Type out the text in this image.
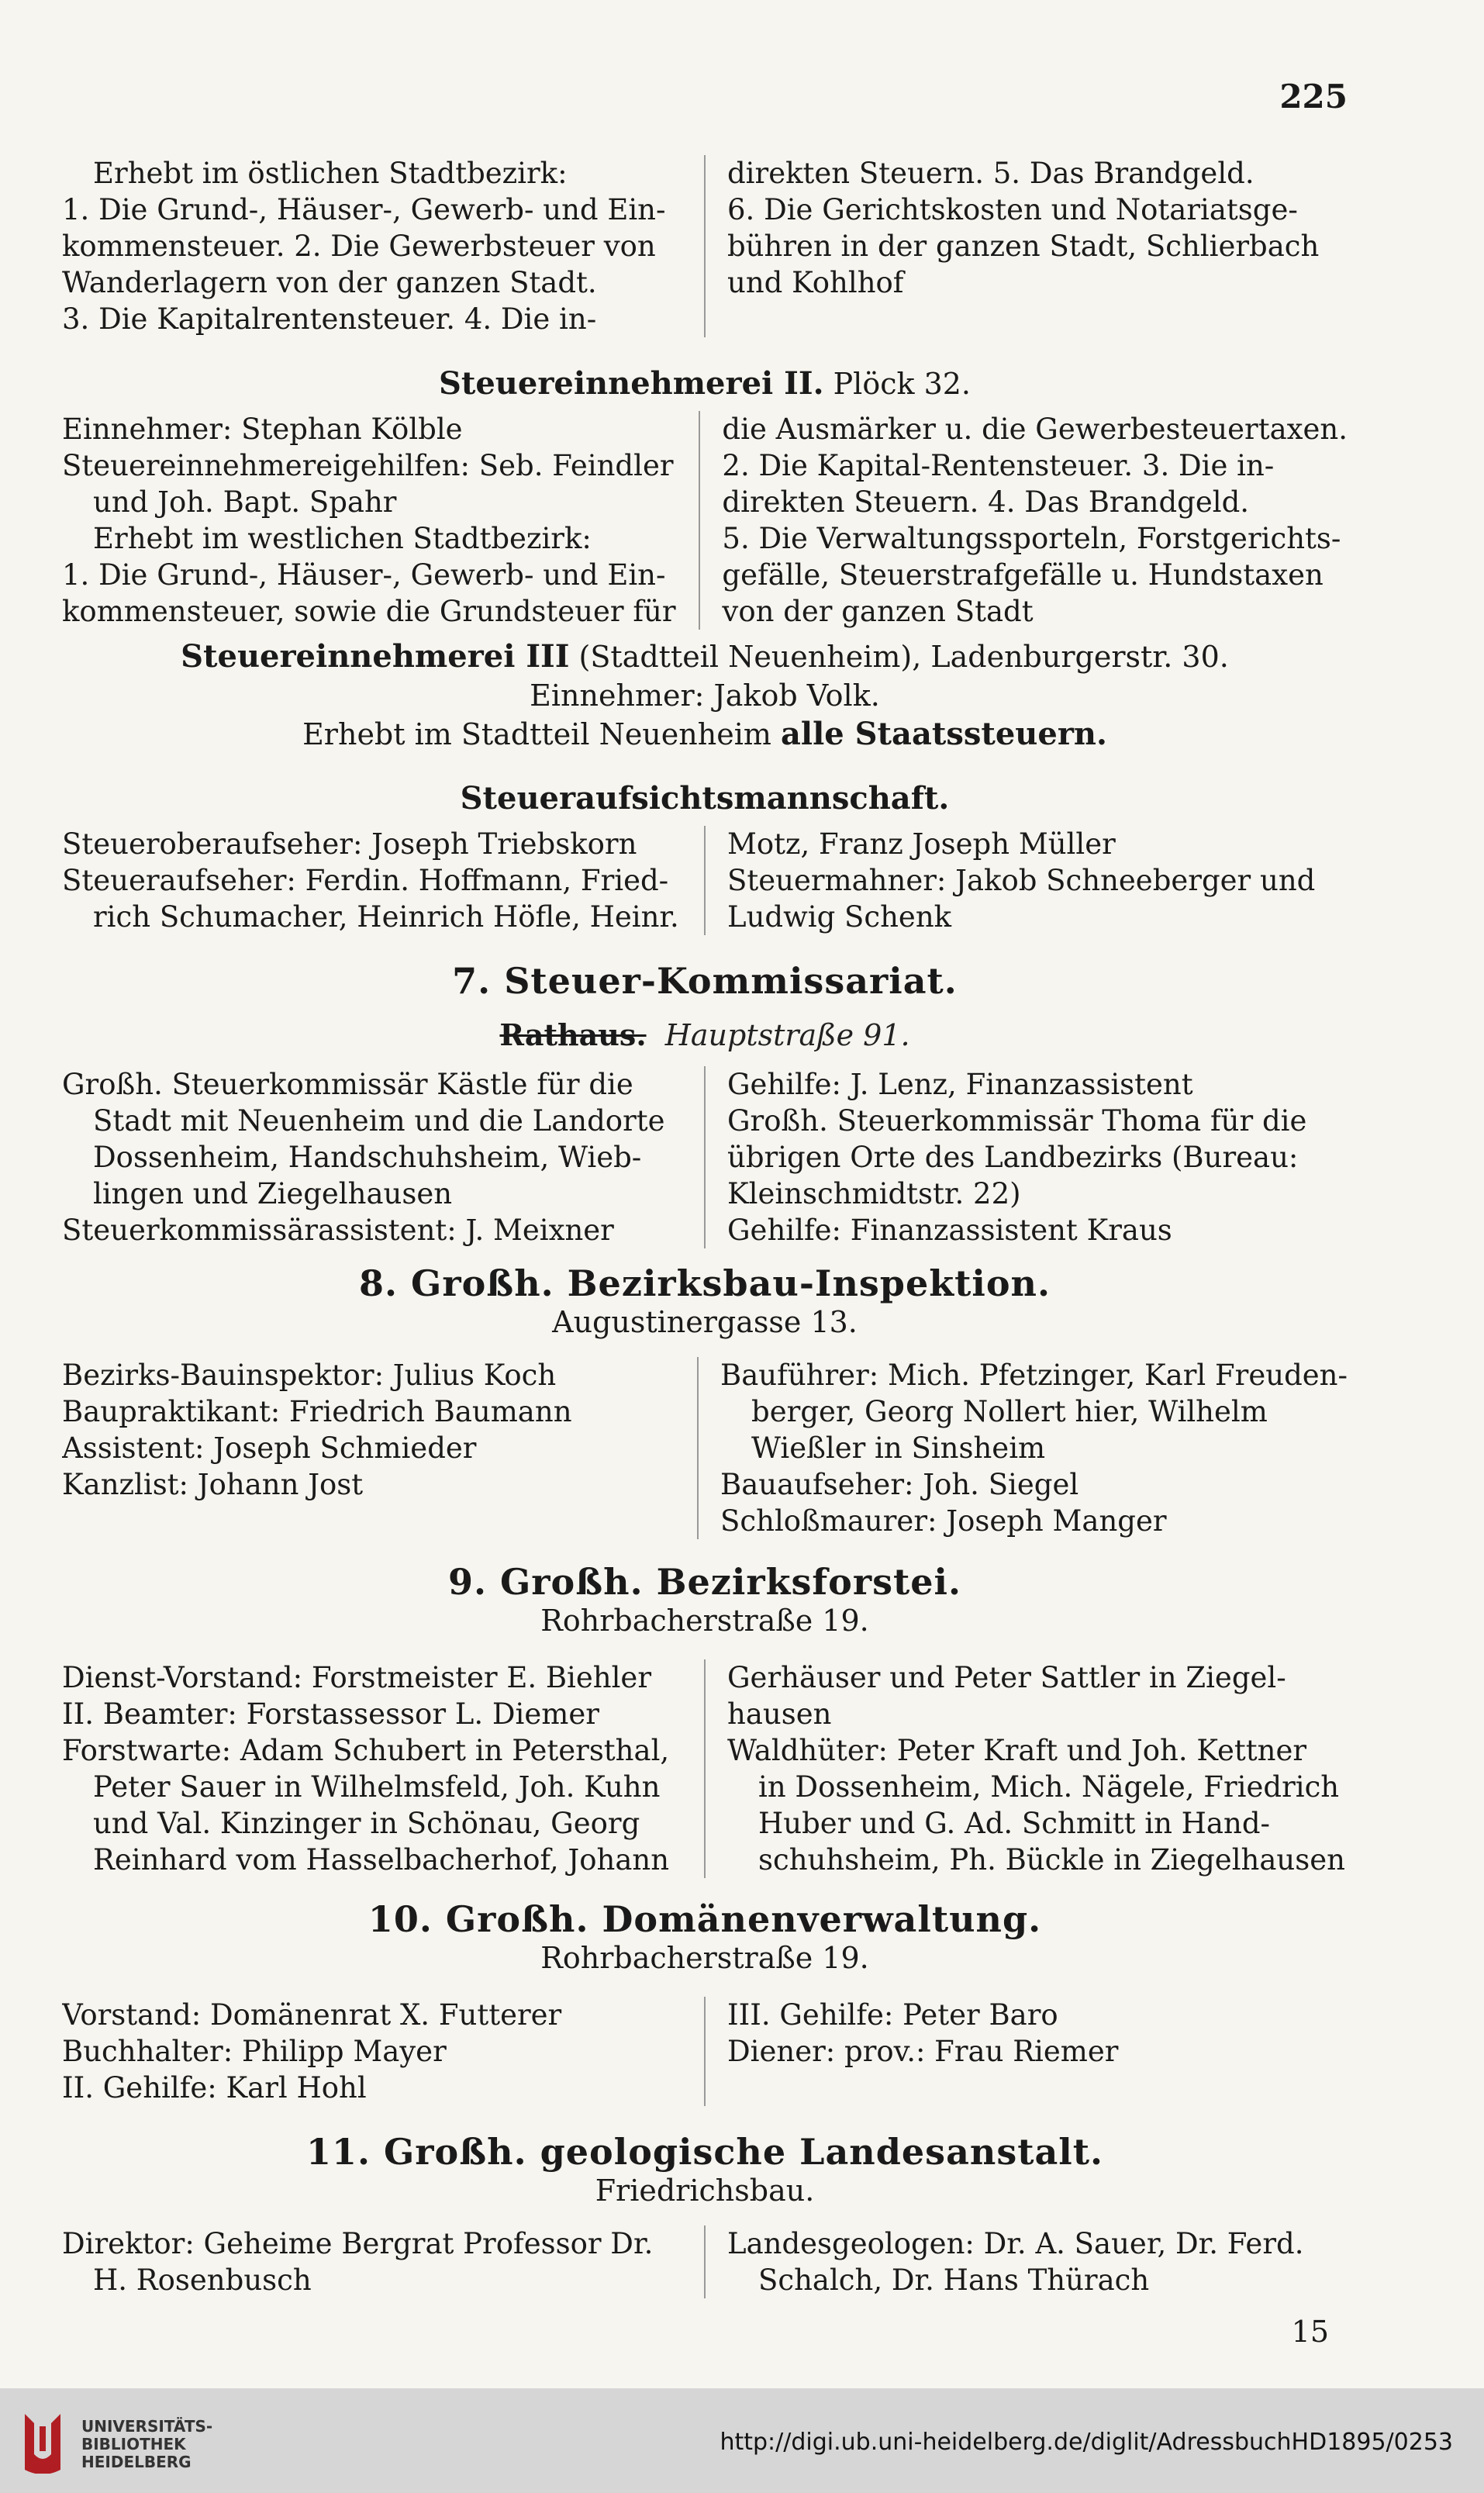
225
Erhebt im östlichen Stadtbezirk:
1. Die Grund-, Häuser-, Gewerb- und Ein-
kommensteuer. 2. Die Gewerbsteuer von
Wanderlagern von der ganzen Stadt.
3. Die Kapitalrentensteuer. 4. Die in-
direkten Steuern. 5. Das Brandgeld.
6. Die Gerichtskosten und Notariatsge-
bühren in der ganzen Stadt, Schlierbach
und Kohlhof
Steuereinnehmerei II. Plöck 32.
Einnehmer: Stephan Kölble
Steuereinnehmereigehilfen: Seb. Feindler
und Joh. Bapt. Spahr
Erhebt im westlichen Stadtbezirk:
1. Die Grund-, Häuser-, Gewerb- und Ein-
kommensteuer, sowie die Grundsteuer für
die Ausmärker u. die Gewerbesteuertaxen.
2. Die Kapital-Rentensteuer. 3. Die in-
direkten Steuern. 4. Das Brandgeld.
5. Die Verwaltungssporteln, Forstgerichts-
gefälle, Steuerstrafgefälle u. Hundstaxen
von der ganzen Stadt
Steuereinnehmerei III (Stadtteil Neuenheim), Ladenburgerstr. 30.
Einnehmer: Jakob Volk.
Erhebt im Stadtteil Neuenheim alle Staatssteuern.
Steueraufsichtsmannschaft.
Steueroberaufseher: Joseph Triebskorn
Steueraufseher: Ferdin. Hoffmann, Fried-
rich Schumacher, Heinrich Höfle, Heinr.
Motz, Franz Joseph Müller
Steuermahner: Jakob Schneeberger und
Ludwig Schenk
7. Steuer-Kommissariat.
Rathaus. Hauptstraße 91.
Großh. Steuerkommissär Kästle für die
Stadt mit Neuenheim und die Landorte
Dossenheim, Handschuhsheim, Wieb-
lingen und Ziegelhausen
Steuerkommissärassistent: J. Meixner
Gehilfe: J. Lenz, Finanzassistent
Großh. Steuerkommissär Thoma für die
übrigen Orte des Landbezirks (Bureau:
Kleinschmidtstr. 22)
Gehilfe: Finanzassistent Kraus
8. Großh. Bezirksbau-Inspektion.
Augustinergasse 13.
Bezirks-Bauinspektor: Julius Koch
Baupraktikant: Friedrich Baumann
Assistent: Joseph Schmieder
Kanzlist: Johann Jost
Bauführer: Mich. Pfetzinger, Karl Freuden-
berger, Georg Nollert hier, Wilhelm
Wießler in Sinsheim
Bauaufseher: Joh. Siegel
Schloßmaurer: Joseph Manger
9. Großh. Bezirksforstei.
Rohrbacherstraße 19.
Dienst-Vorstand: Forstmeister E. Biehler
II. Beamter: Forstassessor L. Diemer
Forstwarte: Adam Schubert in Petersthal,
Peter Sauer in Wilhelmsfeld, Joh. Kuhn
und Val. Kinzinger in Schönau, Georg
Reinhard vom Hasselbacherhof, Johann
Gerhäuser und Peter Sattler in Ziegel-
hausen
Waldhüter: Peter Kraft und Joh. Kettner
in Dossenheim, Mich. Nägele, Friedrich
Huber und G. Ad. Schmitt in Hand-
schuhsheim, Ph. Bückle in Ziegelhausen
10. Großh. Domänenverwaltung.
Rohrbacherstraße 19.
Vorstand: Domänenrat X. Futterer
Buchhalter: Philipp Mayer
II. Gehilfe: Karl Hohl
III. Gehilfe: Peter Baro
Diener: prov.: Frau Riemer
11. Großh. geologische Landesanstalt.
Friedrichsbau.
Direktor: Geheime Bergrat Professor Dr.
H. Rosenbusch
Landesgeologen: Dr. A. Sauer, Dr. Ferd.
Schalch, Dr. Hans Thürach
15
UNIVERSITÄTS-
BIBLIOTHEK
HEIDELBERG
http://digi.ub.uni-heidelberg.de/diglit/AdressbuchHD1895/0253
